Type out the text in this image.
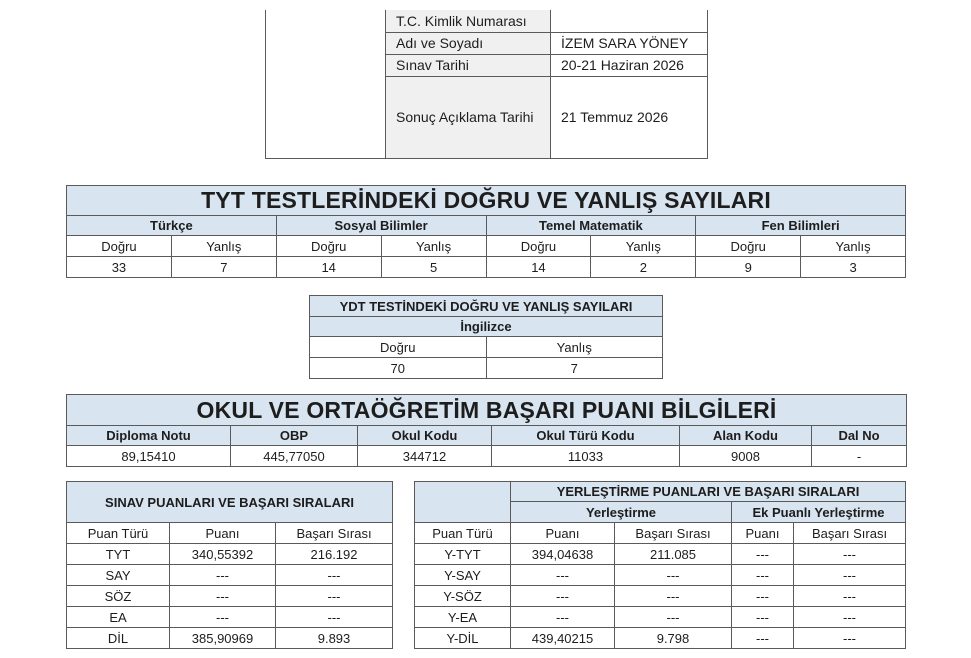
	T.C. Kimlik Numarası	
	Adı ve Soyadı	İZEM SARA YÖNEY
	Sınav Tarihi	20-21 Haziran 2026
	Sonuç Açıklama Tarihi	21 Temmuz 2026
TYT TESTLERİNDEKİ DOĞRU VE YANLIŞ SAYILARI							
Türkçe		Sosyal Bilimler		Temel Matematik		Fen Bilimleri	
Doğru	Yanlış	Doğru	Yanlış	Doğru	Yanlış	Doğru	Yanlış
33	7	14	5	14	2	9	3
YDT TESTİNDEKİ DOĞRU VE YANLIŞ SAYILARI	
İngilizce	
Doğru	Yanlış
70	7
OKUL VE ORTAÖĞRETİM BAŞARI PUANI BİLGİLERİ					
Diploma Notu	OBP	Okul Kodu	Okul Türü Kodu	Alan Kodu	Dal No
89,15410	445,77050	344712	11033	9008	-
SINAV PUANLARI VE BAŞARI SIRALARI		
Puan Türü	Puanı	Başarı Sırası
TYT	340,55392	216.192
SAY	---	---
SÖZ	---	---
EA	---	---
DİL	385,90969	9.893
	YERLEŞTİRME PUANLARI VE BAŞARI SIRALARI			
	Yerleştirme		Ek Puanlı Yerleştirme	
Puan Türü	Puanı	Başarı Sırası	Puanı	Başarı Sırası
Y-TYT	394,04638	211.085	---	---
Y-SAY	---	---	---	---
Y-SÖZ	---	---	---	---
Y-EA	---	---	---	---
Y-DİL	439,40215	9.798	---	---
